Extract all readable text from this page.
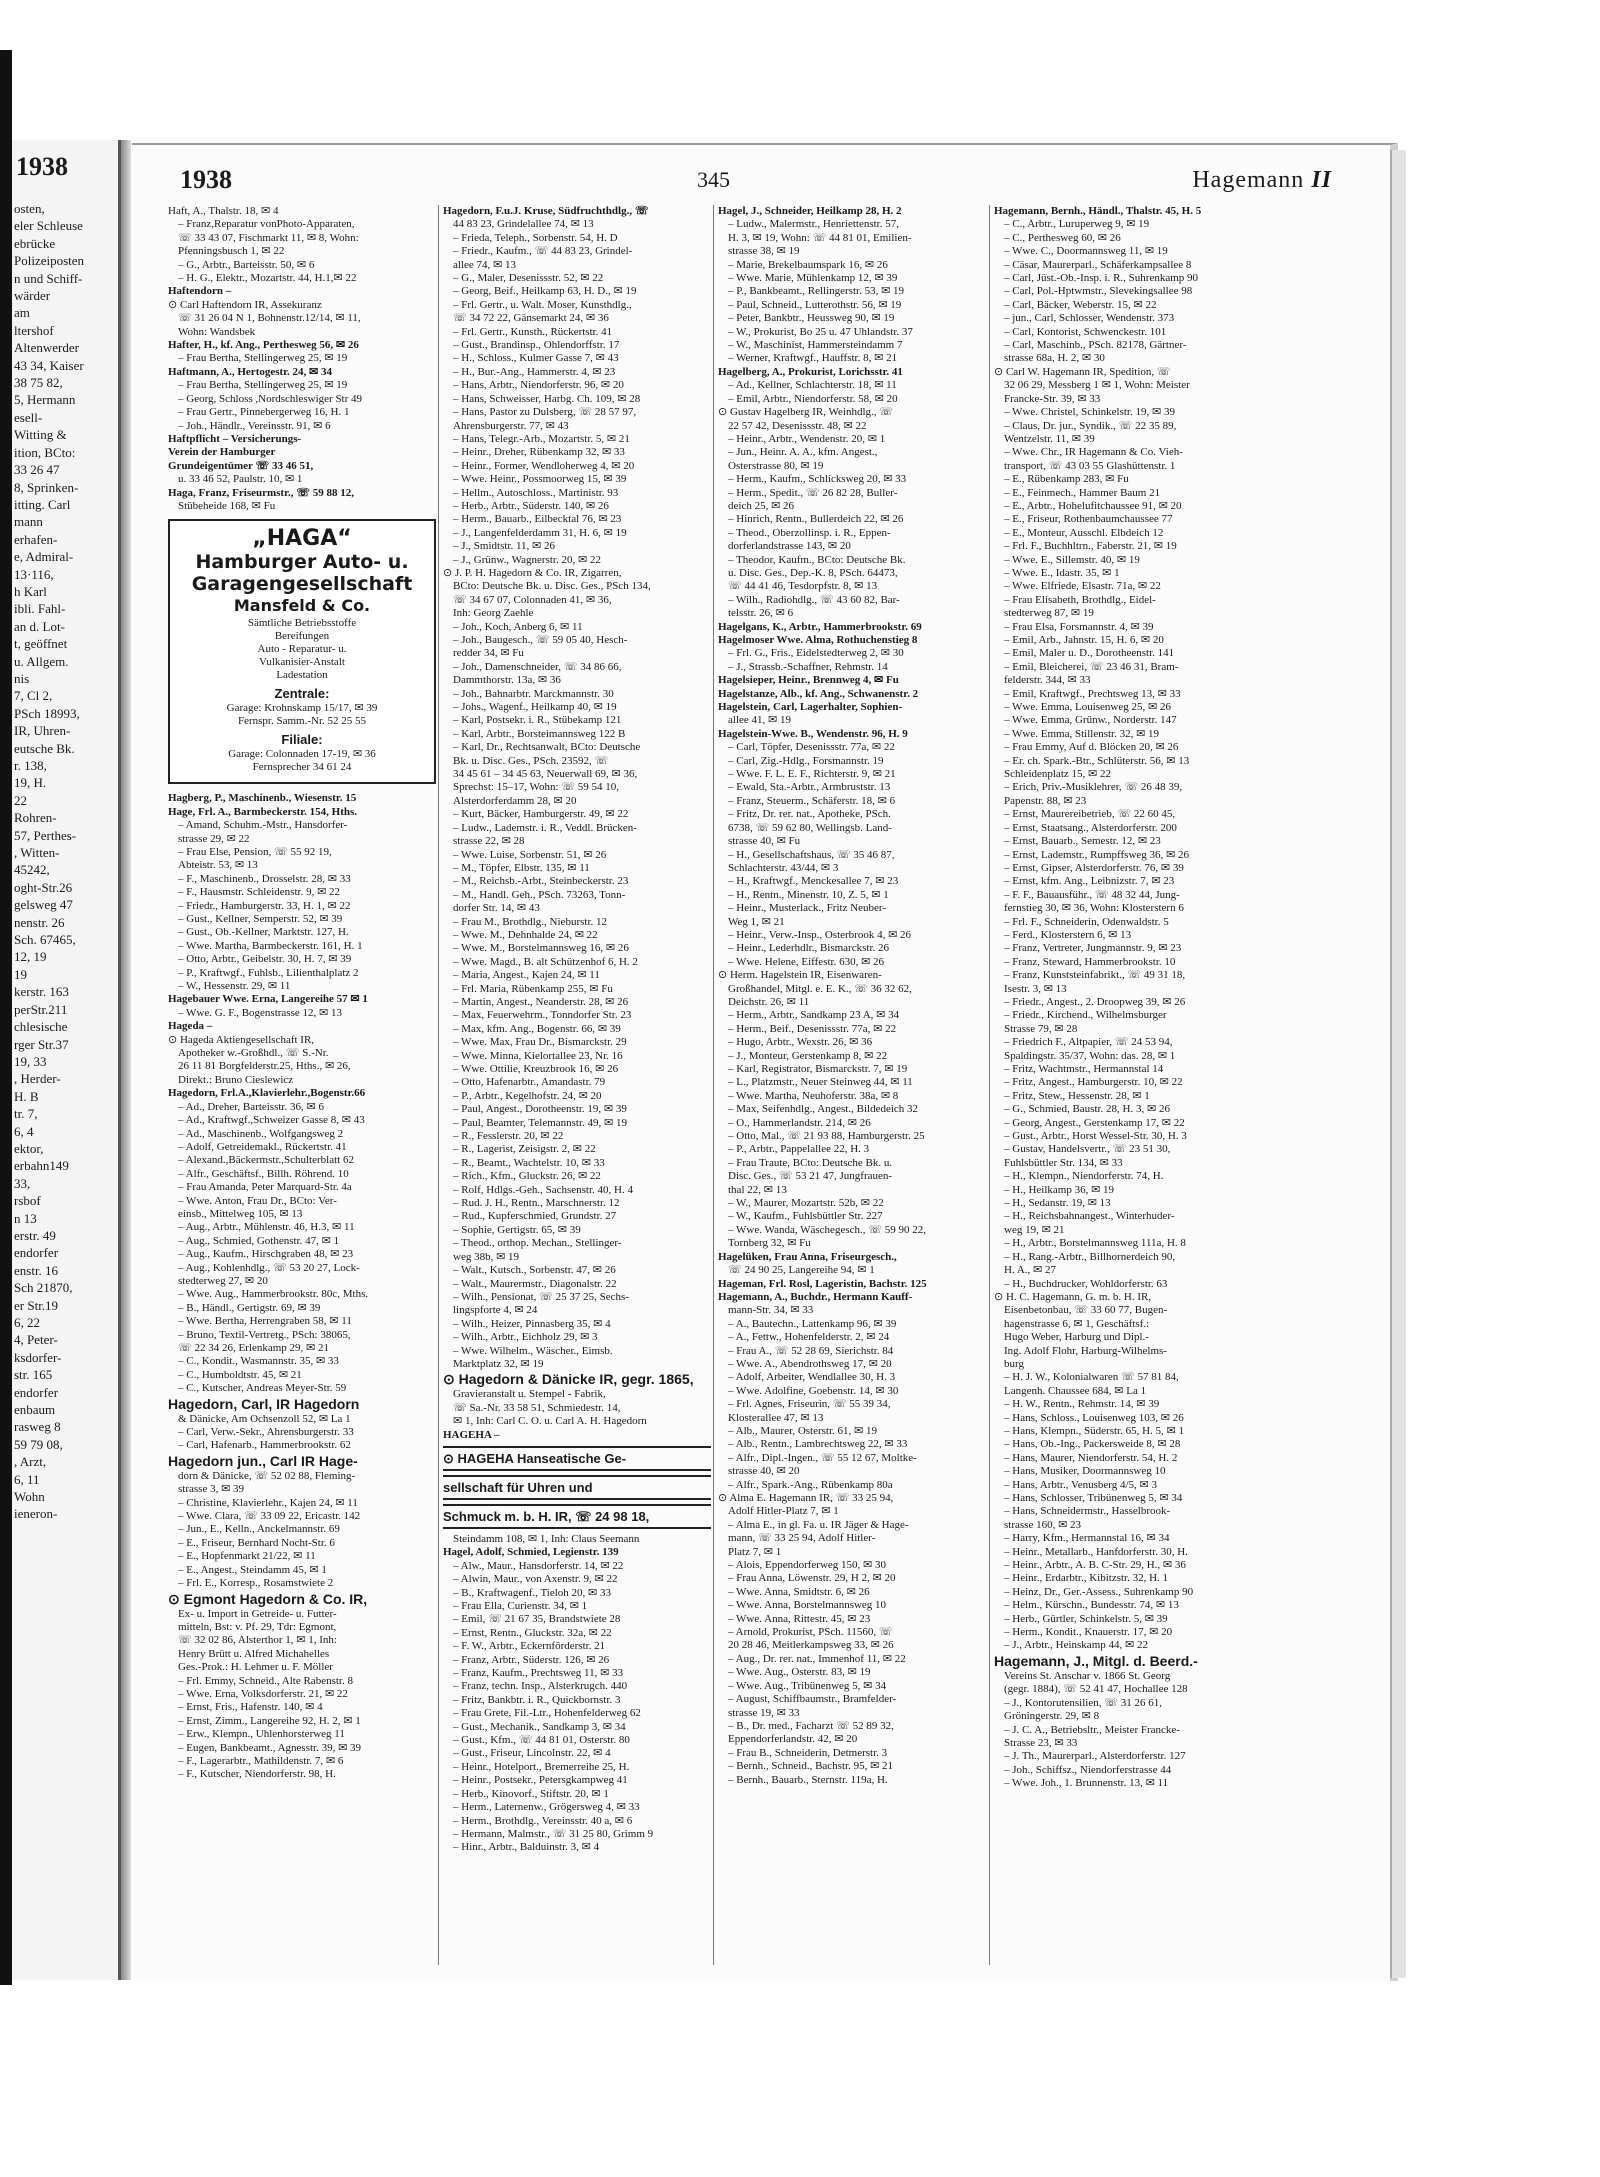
1938
osten,
eler Schleuse
ebrücke
Polizeiposten
n und Schiff-
wärder
am
ltershof
Altenwerder
43 34, Kaiser
38 75 82,
5, Hermann
esell-
Witting &
ition, BCto:
33 26 47
8, Sprinken-
itting. Carl
mann
erhafen-
e, Admiral-
13·116,
h Karl
ibli. Fahl-
an d. Lot-
t, geöffnet
u. Allgem.
nis
7, Cl 2,
PSch 18993,
IR, Uhren-
eutsche Bk.
r. 138,
19, H.
22
Rohren-
57, Perthes-
, Witten-
45242,
oght-Str.26
gelsweg 47
nenstr. 26
Sch. 67465,
12, 19
19
kerstr. 163
perStr.211
chlesische
rger Str.37
19, 33
, Herder-
H. B
tr. 7,
6, 4
ektor,
erbahn149
33,
rsbof
n 13
erstr. 49
endorfer
enstr. 16
Sch 21870,
er Str.19
6, 22
4, Peter-
ksdorfer-
str. 165
endorfer
enbaum
rasweg 8
59 79 08,
, Arzt,
6, 11
Wohn
ieneron-
1938	345	Hagemann II
Haft, A., Thalstr. 18, ✉ 4
– Franz,Reparatur vonPhoto-Apparaten,
☏ 33 43 07, Fischmarkt 11, ✉ 8, Wohn:
Pfenningsbusch 1, ✉ 22
– G., Arbtr., Barteisstr. 50, ✉ 6
– H. G., Elektr., Mozartstr. 44, H.1,✉ 22
Haftendorn –
⊙ Carl Haftendorn IR, Assekuranz
☏ 31 26 04 N 1, Bohnenstr.12/14, ✉ 11,
Wohn: Wandsbek
Hafter, H., kf. Ang., Perthesweg 56, ✉ 26
– Frau Bertha, Stellingerweg 25, ✉ 19
Haftmann, A., Hertogestr. 24, ✉ 34
– Frau Bertha, Stellingerweg 25, ✉ 19
– Georg, Schloss ,Nordschleswiger Str 49
– Frau Gertr., Pinnebergerweg 16, H. 1
– Joh., Händlr., Vereinsstr. 91, ✉ 6
Haftpflicht – Versicherungs-
Verein der Hamburger
Grundeigentümer ☏ 33 46 51,
u. 33 46 52, Paulstr. 10, ✉ 1
Haga, Franz, Friseurmstr., ☏ 59 88 12,
Stübeheide 168, ✉ Fu
„HAGA“
Hamburger Auto- u.
Garagengesellschaft
Mansfeld & Co.
Sämtliche Betriebsstoffe
Bereifungen
Auto - Reparatur- u.
Vulkanisier-Anstalt
Ladestation
Zentrale:
Garage: Krohnskamp 15/17, ✉ 39
Fernspr. Samm.-Nr. 52 25 55
Filiale:
Garage: Colonnaden 17-19, ✉ 36
Fernsprecher 34 61 24
Hagberg, P., Maschinenb., Wiesenstr. 15
Hage, Frl. A., Barmbeckerstr. 154, Hths.
– Amand, Schuhm.-Mstr., Hansdorfer-
strasse 29, ✉ 22
– Frau Else, Pension, ☏ 55 92 19,
Abteistr. 53, ✉ 13
– F., Maschinenb., Drosselstr. 28, ✉ 33
– F., Hausmstr. Schleidenstr. 9, ✉ 22
– Friedr., Hamburgerstr. 33, H. 1, ✉ 22
– Gust., Kellner, Semperstr. 52, ✉ 39
– Gust., Ob.-Kellner, Marktstr. 127, H.
– Wwe. Martha, Barmbeckerstr. 161, H. 1
– Otto, Arbtr., Geibelstr. 30, H. 7, ✉ 39
– P., Kraftwgf., Fuhlsb., Lilienthalplatz 2
– W., Hessenstr. 29, ✉ 11
Hagebauer Wwe. Erna, Langereihe 57 ✉ 1
– Wwe. G. F., Bogenstrasse 12, ✉ 13
Hageda –
⊙ Hageda Aktiengesellschaft IR,
Apotheker w.-Großhdl., ☏ S.-Nr.
26 11 81 Borgfelderstr.25, Hths., ✉ 26,
Direkt.: Bruno Cieslewicz
Hagedorn, Frl.A.,Klavierlehr.,Bogenstr.66
– Ad., Dreher, Barteisstr. 36, ✉ 6
– Ad., Kraftwgf.,Schweizer Gasse 8, ✉ 43
– Ad., Maschinenb., Wolfgangsweg 2
– Adolf, Getreidemakl., Rückertstr. 41
– Alexand.,Bäckermstr.,Schulterblatt 62
– Alfr., Geschäftsf., Billh. Röhrend. 10
– Frau Amanda, Peter Marquard-Str. 4a
– Wwe. Anton, Frau Dr., BCto: Ver-
einsb., Mittelweg 105, ✉ 13
– Aug., Arbtr., Mühlenstr. 46, H.3, ✉ 11
– Aug., Schmied, Gothenstr. 47, ✉ 1
– Aug., Kaufm., Hirschgraben 48, ✉ 23
– Aug., Kohlenhdlg., ☏ 53 20 27, Lock-
stedterweg 27, ✉ 20
– Wwe. Aug., Hammerbrookstr. 80c, Mths.
– B., Händl., Gertigstr. 69, ✉ 39
– Wwe. Bertha, Herrengraben 58, ✉ 11
– Bruno, Textil-Vertretg., PSch: 38065,
☏ 22 34 26, Erlenkamp 29, ✉ 21
– C., Kondit., Wasmannstr. 35, ✉ 33
– C., Humboldtstr. 45, ✉ 21
– C., Kutscher, Andreas Meyer-Str. 59
Hagedorn, Carl, IR Hagedorn
& Dänicke, Am Ochsenzoll 52, ✉ La 1
– Carl, Verw.-Sekr., Ahrensburgerstr. 33
– Carl, Hafenarb., Hammerbrookstr. 62
Hagedorn jun., Carl IR Hage-
dorn & Dänicke, ☏ 52 02 88, Fleming-
strasse 3, ✉ 39
– Christine, Klavierlehr., Kajen 24, ✉ 11
– Wwe. Clara, ☏ 33 09 22, Ericastr. 142
– Jun., E., Kelln., Anckelmannstr. 69
– E., Friseur, Bernhard Nocht-Str. 6
– E., Hopfenmarkt 21/22, ✉ 11
– E., Angest., Steindamm 45, ✉ 1
– Frl. E., Korresp., Rosamstwiete 2
⊙ Egmont Hagedorn & Co. IR,
Ex- u. Import in Getreide- u. Futter-
mitteln, Bst: v. Pf. 29, Tdr: Egmont,
☏ 32 02 86, Alsterthor 1, ✉ 1, Inh:
Henry Brütt u. Alfred Michahelles
Ges.-Prok.: H. Lehmer u. F. Möller
– Frl. Emmy, Schneid., Alte Rabenstr. 8
– Wwe. Erna, Volksdorferstr. 21, ✉ 22
– Ernst, Fris., Hafenstr. 140, ✉ 4
– Ernst, Zimm., Langereihe 92, H. 2, ✉ 1
– Erw., Klempn., Uhlenhorsterweg 11
– Eugen, Bankbeamt., Agnesstr. 39, ✉ 39
– F., Lagerarbtr., Mathildenstr. 7, ✉ 6
– F., Kutscher, Niendorferstr. 98, H.
Hagedorn, F.u.J. Kruse, Südfruchthdlg., ☏
44 83 23, Grindelallee 74, ✉ 13
– Frieda, Teleph., Sorbenstr. 54, H. D
– Friedr., Kaufm., ☏ 44 83 23, Grindel-
allee 74, ✉ 13
– G., Maler, Desenissstr. 52, ✉ 22
– Georg, Beif., Heilkamp 63, H. D., ✉ 19
– Frl. Gertr., u. Walt. Moser, Kunsthdlg.,
☏ 34 72 22, Gänsemarkt 24, ✉ 36
– Frl. Gertr., Kunsth., Rückertstr. 41
– Gust., Brandinsp., Ohlendorffstr. 17
– H., Schloss., Kulmer Gasse 7, ✉ 43
– H., Bur.-Ang., Hammerstr. 4, ✉ 23
– Hans, Arbtr., Niendorferstr. 96, ✉ 20
– Hans, Schweisser, Harbg. Ch. 109, ✉ 28
– Hans, Pastor zu Dulsberg, ☏ 28 57 97,
Ahrensburgerstr. 77, ✉ 43
– Hans, Telegr.-Arb., Mozartstr. 5, ✉ 21
– Heinr., Dreher, Rübenkamp 32, ✉ 33
– Heinr., Former, Wendloherweg 4, ✉ 20
– Wwe. Heinr., Possmoorweg 15, ✉ 39
– Hellm., Autoschloss., Martinistr. 93
– Herb., Arbtr., Süderstr. 140, ✉ 26
– Herm., Bauarb., Eilbecktal 76, ✉ 23
– J., Langenfelderdamm 31, H. 6, ✉ 19
– J., Smidtstr. 11, ✉ 26
– J., Grünw., Wagnerstr. 20, ✉ 22
⊙ J. P. H. Hagedorn & Co. IR, Zigarren,
BCto: Deutsche Bk. u. Disc. Ges., PSch 134,
☏ 34 67 07, Colonnaden 41, ✉ 36,
Inh: Georg Zaehle
– Joh., Koch, Anberg 6, ✉ 11
– Joh., Baugesch., ☏ 59 05 40, Hesch-
redder 34, ✉ Fu
– Joh., Damenschneider, ☏ 34 86 66,
Dammthorstr. 13a, ✉ 36
– Joh., Bahnarbtr. Marckmannstr. 30
– Johs., Wagenf., Heilkamp 40, ✉ 19
– Karl, Postsekr. i. R., Stübekamp 121
– Karl, Arbtr., Borsteimannsweg 122 B
– Karl, Dr., Rechtsanwalt, BCto: Deutsche
Bk. u. Disc. Ges., PSch. 23592, ☏
34 45 61 – 34 45 63, Neuerwall 69, ✉ 36,
Sprechst: 15–17, Wohn: ☏ 59 54 10,
Alsterdorferdamm 28, ✉ 20
– Kurt, Bäcker, Hamburgerstr. 49, ✉ 22
– Ludw., Lademstr. i. R., Veddl. Brücken-
strasse 22, ✉ 28
– Wwe. Luise, Sorbenstr. 51, ✉ 26
– M., Töpfer, Elbstr. 135, ✉ 11
– M., Reichsb.-Arbt., Steinbeckerstr. 23
– M., Handl. Geh., PSch. 73263, Tonn-
dorfer Str. 14, ✉ 43
– Frau M., Brothdlg., Nieburstr. 12
– Wwe. M., Dehnhalde 24, ✉ 22
– Wwe. M., Borstelmannsweg 16, ✉ 26
– Wwe. Magd., B. alt Schützenhof 6, H. 2
– Maria, Angest., Kajen 24, ✉ 11
– Frl. Maria, Rübenkamp 255, ✉ Fu
– Martin, Angest., Neanderstr. 28, ✉ 26
– Max, Feuerwehrm., Tonndorfer Str. 23
– Max, kfm. Ang., Bogenstr. 66, ✉ 39
– Wwe. Max, Frau Dr., Bismarckstr. 29
– Wwe. Minna, Kielortallee 23, Nr. 16
– Wwe. Ottilie, Kreuzbrook 16, ✉ 26
– Otto, Hafenarbtr., Amandastr. 79
– P., Arbtr., Kegelhofstr. 24, ✉ 20
– Paul, Angest., Dorotheenstr. 19, ✉ 39
– Paul, Beamter, Telemannstr. 49, ✉ 19
– R., Fesslerstr. 20, ✉ 22
– R., Lagerist, Zeisigstr. 2, ✉ 22
– R., Beamt., Wachtelstr. 10, ✉ 33
– Rich., Kfm., Gluckstr. 26, ✉ 22
– Rolf, Hdlgs.-Geh., Sachsenstr. 40, H. 4
– Rud. J. H., Rentn., Marschnerstr. 12
– Rud., Kupferschmied, Grundstr. 27
– Sophie, Gertigstr. 65, ✉ 39
– Theod., orthop. Mechan., Stellinger-
weg 38b, ✉ 19
– Walt., Kutsch., Sorbenstr. 47, ✉ 26
– Walt., Maurermstr., Diagonalstr. 22
– Wilh., Pensionat, ☏ 25 37 25, Sechs-
lingspforte 4, ✉ 24
– Wilh., Heizer, Pinnasberg 35, ✉ 4
– Wilh., Arbtr., Eichholz 29, ✉ 3
– Wwe. Wilhelm., Wäscher., Eimsb.
Marktplatz 32, ✉ 19
⊙ Hagedorn & Dänicke IR, gegr. 1865,
Gravieranstalt u. Stempel - Fabrik,
☏ Sa.-Nr. 33 58 51, Schmiedestr. 14,
✉ 1, Inh: Carl C. O. u. Carl A. H. Hagedorn
HAGEHA –
⊙ HAGEHA Hanseatische Ge-
sellschaft für Uhren und
Schmuck m. b. H. IR, ☏ 24 98 18,
Steindamm 108, ✉ 1, Inh: Claus Seemann
Hagel, Adolf, Schmied, Legienstr. 139
– Alw., Maur., Hansdorferstr. 14, ✉ 22
– Alwin, Maur., von Axenstr. 9, ✉ 22
– B., Kraftwagenf., Tieloh 20, ✉ 33
– Frau Ella, Curienstr. 34, ✉ 1
– Emil, ☏ 21 67 35, Brandstwiete 28
– Ernst, Rentn., Gluckstr. 32a, ✉ 22
– F. W., Arbtr., Eckernförderstr. 21
– Franz, Arbtr., Süderstr. 126, ✉ 26
– Franz, Kaufm., Prechtsweg 11, ✉ 33
– Franz, techn. Insp., Alsterkrugch. 440
– Fritz, Bankbtr. i. R., Quickbornstr. 3
– Frau Grete, Fil.-Ltr., Hohenfelderweg 62
– Gust., Mechanik., Sandkamp 3, ✉ 34
– Gust., Kfm., ☏ 44 81 01, Osterstr. 80
– Gust., Friseur, Lincolnstr. 22, ✉ 4
– Heinr., Hotelport., Bremerreihe 25, H.
– Heinr., Postsekr., Petersgkampweg 41
– Herb., Kinovorf., Stiftstr. 20, ✉ 1
– Herm., Laternenw., Grögersweg 4, ✉ 33
– Herm., Brothdlg., Vereinsstr. 40 a, ✉ 6
– Hermann, Malmstr., ☏ 31 25 80, Grimm 9
– Hinr., Arbtr., Balduinstr. 3, ✉ 4
Hagel, J., Schneider, Heilkamp 28, H. 2
– Ludw., Malermstr., Henriettenstr. 57,
H. 3, ✉ 19, Wohn: ☏ 44 81 01, Emilien-
strasse 38, ✉ 19
– Marie, Brekelbaumspark 16, ✉ 26
– Wwe. Marie, Mühlenkamp 12, ✉ 39
– P., Bankbeamt., Rellingerstr. 53, ✉ 19
– Paul, Schneid., Lutterothstr. 56, ✉ 19
– Peter, Bankbtr., Heussweg 90, ✉ 19
– W., Prokurist, Bo 25 u. 47 Uhlandstr. 37
– W., Maschinist, Hammersteindamm 7
– Werner, Kraftwgf., Hauffstr. 8, ✉ 21
Hagelberg, A., Prokurist, Lorichsstr. 41
– Ad., Kellner, Schlachterstr. 18, ✉ 11
– Emil, Arbtr., Niendorferstr. 58, ✉ 20
⊙ Gustav Hagelberg IR, Weinhdlg., ☏
22 57 42, Desenissstr. 48, ✉ 22
– Heinr., Arbtr., Wendenstr. 20, ✉ 1
– Jun., Heinr. A. A., kfm. Angest.,
Osterstrasse 80, ✉ 19
– Herm., Kaufm., Schlicksweg 20, ✉ 33
– Herm., Spedit., ☏ 26 82 28, Buller-
deich 25, ✉ 26
– Hinrich, Rentn., Bullerdeich 22, ✉ 26
– Theod., Oberzollinsp. i. R., Eppen-
dorferlandstrasse 143, ✉ 20
– Theodor, Kaufm., BCto: Deutsche Bk.
u. Disc. Ges., Dep.-K. 8, PSch. 64473,
☏ 44 41 46, Tesdorpfstr. 8, ✉ 13
– Wilh., Radiohdlg., ☏ 43 60 82, Bar-
telsstr. 26, ✉ 6
Hagelgans, K., Arbtr., Hammerbrookstr. 69
Hagelmoser Wwe. Alma, Rothuchenstieg 8
– Frl. G., Fris., Eidelstedterweg 2, ✉ 30
– J., Strassb.-Schaffner, Rehmstr. 14
Hagelsieper, Heinr., Brennweg 4, ✉ Fu
Hagelstanze, Alb., kf. Ang., Schwanenstr. 2
Hagelstein, Carl, Lagerhalter, Sophien-
allee 41, ✉ 19
Hagelstein-Wwe. B., Wendenstr. 96, H. 9
– Carl, Töpfer, Desenissstr. 77a, ✉ 22
– Carl, Zig.-Hdlg., Forsmannstr. 19
– Wwe. F. L. E. F., Richterstr. 9, ✉ 21
– Ewald, Sta.-Arbtr., Armbruststr. 13
– Franz, Steuerm., Schäferstr. 18, ✉ 6
– Fritz, Dr. rer. nat., Apotheke, PSch.
6738, ☏ 59 62 80, Wellingsb. Land-
strasse 40, ✉ Fu
– H., Gesellschaftshaus, ☏ 35 46 87,
Schlachterstr. 43/44, ✉ 3
– H., Kraftwgf., Menckesallee 7, ✉ 23
– H., Rentn., Minenstr. 10, Z. 5, ✉ 1
– Heinr., Musterlack., Fritz Neuber-
Weg 1, ✉ 21
– Heinr., Verw.-Insp., Osterbrook 4, ✉ 26
– Heinr., Lederhdlr., Bismarckstr. 26
– Wwe. Helene, Eiffestr. 630, ✉ 26
⊙ Herm. Hagelstein IR, Eisenwaren-
Großhandel, Mitgl. e. E. K., ☏ 36 32 62,
Deichstr. 26, ✉ 11
– Herm., Arbtr., Sandkamp 23 A, ✉ 34
– Herm., Beif., Desenissstr. 77a, ✉ 22
– Hugo, Arbtr., Wexstr. 26, ✉ 36
– J., Monteur, Gerstenkamp 8, ✉ 22
– Karl, Registrator, Bismarckstr. 7, ✉ 19
– L., Platzmstr., Neuer Steinweg 44, ✉ 11
– Wwe. Martha, Neuhoferstr. 38a, ✉ 8
– Max, Seifenhdlg., Angest., Bildedeich 32
– O., Hammerlandstr. 214, ✉ 26
– Otto, Mal., ☏ 21 93 88, Hamburgerstr. 25
– P., Arbtr., Pappelallee 22, H. 3
– Frau Traute, BCto: Deutsche Bk. u.
Disc. Ges., ☏ 53 21 47, Jungfrauen-
thal 22, ✉ 13
– W., Maurer, Mozartstr. 52b, ✉ 22
– W., Kaufm., Fuhlsbüttler Str. 227
– Wwe. Wanda, Wäschegesch., ☏ 59 90 22,
Tornberg 32, ✉ Fu
Hagelüken, Frau Anna, Friseurgesch.,
☏ 24 90 25, Langereihe 94, ✉ 1
Hageman, Frl. Rosl, Lageristin, Bachstr. 125
Hagemann, A., Buchdr., Hermann Kauff-
mann-Str. 34, ✉ 33
– A., Bautechn., Lattenkamp 96, ✉ 39
– A., Fettw., Hohenfelderstr. 2, ✉ 24
– Frau A., ☏ 52 28 69, Sierichstr. 84
– Wwe. A., Abendrothsweg 17, ✉ 20
– Adolf, Arbeiter, Wendlallee 30, H. 3
– Wwe. Adolfine, Goebenstr. 14, ✉ 30
– Frl. Agnes, Friseurin, ☏ 55 39 34,
Klosterallee 47, ✉ 13
– Alb., Maurer, Osterstr. 61, ✉ 19
– Alb., Rentn., Lambrechtsweg 22, ✉ 33
– Alfr., Dipl.-Ingen., ☏ 55 12 67, Moltke-
strasse 40, ✉ 20
– Alfr., Spark.-Ang., Rübenkamp 80a
⊙ Alma E. Hagemann IR, ☏ 33 25 94,
Adolf Hitler-Platz 7, ✉ 1
– Alma E., in gl. Fa. u. IR Jäger & Hage-
mann, ☏ 33 25 94, Adolf Hitler-
Platz 7, ✉ 1
– Alois, Eppendorferweg 150, ✉ 30
– Frau Anna, Löwenstr. 29, H 2, ✉ 20
– Wwe. Anna, Smidtstr. 6, ✉ 26
– Wwe. Anna, Borstelmannsweg 10
– Wwe. Anna, Rittestr. 45, ✉ 23
– Arnold, Prokurist, PSch. 11560, ☏
20 28 46, Meitlerkampsweg 33, ✉ 26
– Aug., Dr. rer. nat., Immenhof 11, ✉ 22
– Wwe. Aug., Osterstr. 83, ✉ 19
– Wwe. Aug., Tribünenweg 5, ✉ 34
– August, Schiffbaumstr., Bramfelder-
strasse 19, ✉ 33
– B., Dr. med., Facharzt ☏ 52 89 32,
Eppendorferlandstr. 42, ✉ 20
– Frau B., Schneiderin, Detmerstr. 3
– Bernh., Schneid., Bachstr. 95, ✉ 21
– Bernh., Bauarb., Sternstr. 119a, H.
Hagemann, Bernh., Händl., Thalstr. 45, H. 5
– C., Arbtr., Luruperweg 9, ✉ 19
– C., Perthesweg 60, ✉ 26
– Wwe. C., Doormannsweg 11, ✉ 19
– Cäsar, Maurerparl., Schäferkampsallee 8
– Carl, Jüst.-Ob.-Insp. i. R., Suhrenkamp 90
– Carl, Pol.-Hptwmstr., Slevekingsallee 98
– Carl, Bäcker, Weberstr. 15, ✉ 22
– jun., Carl, Schlosser, Wendenstr. 373
– Carl, Kontorist, Schwenckestr. 101
– Carl, Maschinb., PSch. 82178, Gärtner-
strasse 68a, H. 2, ✉ 30
⊙ Carl W. Hagemann IR, Spedition, ☏
32 06 29, Messberg 1 ✉ 1, Wohn: Meister
Francke-Str. 39, ✉ 33
– Wwe. Christel, Schinkelstr. 19, ✉ 39
– Claus, Dr. jur., Syndik., ☏ 22 35 89,
Wentzelstr. 11, ✉ 39
– Wwe. Chr., IR Hagemann & Co. Vieh-
transport, ☏ 43 03 55 Glashüttenstr. 1
– E., Rübenkamp 283, ✉ Fu
– E., Feinmech., Hammer Baum 21
– E., Arbtr., Hohelufitchaussee 91, ✉ 20
– E., Friseur, Rothenbaumchaussee 77
– E., Monteur, Ausschl. Elbdeich 12
– Frl. F., Buchhltrn., Faberstr. 21, ✉ 19
– Wwe. E., Sillemstr. 40, ✉ 19
– Wwe. E., Idastr. 35, ✉ 1
– Wwe. Elfriede, Elsastr. 71a, ✉ 22
– Frau Elisabeth, Brothdlg., Eidel-
stedterweg 87, ✉ 19
– Frau Elsa, Forsmannstr. 4, ✉ 39
– Emil, Arb., Jahnstr. 15, H. 6, ✉ 20
– Emil, Maler u. D., Dorotheenstr. 141
– Emil, Bleicherei, ☏ 23 46 31, Bram-
felderstr. 344, ✉ 33
– Emil, Kraftwgf., Prechtsweg 13, ✉ 33
– Wwe. Emma, Louisenweg 25, ✉ 26
– Wwe. Emma, Grünw., Norderstr. 147
– Wwe. Emma, Stillenstr. 32, ✉ 19
– Frau Emmy, Auf d. Blöcken 20, ✉ 26
– Er. ch. Spark.-Btr., Schlüterstr. 56, ✉ 13
Schleidenplatz 15, ✉ 22
– Erich, Priv.-Musiklehrer, ☏ 26 48 39,
Papenstr. 88, ✉ 23
– Ernst, Maurereibetrieb, ☏ 22 60 45,
– Ernst, Staatsang., Alsterdorferstr. 200
– Ernst, Bauarb., Semestr. 12, ✉ 23
– Ernst, Lademstr., Rumpffsweg 36, ✉ 26
– Ernst, Gipser, Alsterdorferstr. 76, ✉ 39
– Ernst, kfm. Ang., Leibnizstr. 7, ✉ 23
– F. F., Bauausführ., ☏ 48 32 44, Jung-
fernstieg 30, ✉ 36, Wohn: Klosterstern 6
– Frl. F., Schneiderin, Odenwaldstr. 5
– Ferd., Klosterstern 6, ✉ 13
– Franz, Vertreter, Jungmannstr. 9, ✉ 23
– Franz, Steward, Hammerbrookstr. 10
– Franz, Kunststeinfabrikt., ☏ 49 31 18,
Isestr. 3, ✉ 13
– Friedr., Angest., 2. Droopweg 39, ✉ 26
– Friedr., Kirchend., Wilhelmsburger
Strasse 79, ✉ 28
– Friedrich F., Altpapier, ☏ 24 53 94,
Spaldingstr. 35/37, Wohn: das. 28, ✉ 1
– Fritz, Wachtmstr., Hermannstal 14
– Fritz, Angest., Hamburgerstr. 10, ✉ 22
– Fritz, Stew., Hessenstr. 28, ✉ 1
– G., Schmied, Baustr. 28, H. 3, ✉ 26
– Georg, Angest., Gerstenkamp 17, ✉ 22
– Gust., Arbtr., Horst Wessel-Str. 30, H. 3
– Gustav, Handelsvertr., ☏ 23 51 30,
Fuhlsbüttler Str. 134, ✉ 33
– H., Klempn., Niendorferstr. 74, H.
– H., Heilkamp 36, ✉ 19
– H., Sedanstr. 19, ✉ 13
– H., Reichsbahnangest., Winterhuder-
weg 19, ✉ 21
– H., Arbtr., Borstelmannsweg 111a, H. 8
– H., Rang.-Arbtr., Billhornerdeich 90,
H. A., ✉ 27
– H., Buchdrucker, Wohldorferstr. 63
⊙ H. C. Hagemann, G. m. b. H. IR,
Eisenbetonbau, ☏ 33 60 77, Bugen-
hagenstrasse 6, ✉ 1, Geschäftsf.:
Hugo Weber, Harburg und Dipl.-
Ing. Adolf Flohr, Harburg-Wilhelms-
burg
– H. J. W., Kolonialwaren ☏ 57 81 84,
Langenh. Chaussee 684, ✉ La 1
– H. W., Rentn., Rehmstr. 14, ✉ 39
– Hans, Schloss., Louisenweg 103, ✉ 26
– Hans, Klempn., Süderstr. 65, H. 5, ✉ 1
– Hans, Ob.-Ing., Packersweide 8, ✉ 28
– Hans, Maurer, Niendorferstr. 54, H. 2
– Hans, Musiker, Doormannsweg 10
– Hans, Arbtr., Venusberg 4/5, ✉ 3
– Hans, Schlosser, Tribünenweg 5, ✉ 34
– Hans, Schneidermstr., Hasselbrook-
strasse 160, ✉ 23
– Harry, Kfm., Hermannstal 16, ✉ 34
– Heinr., Metallarb., Hanfdorferstr. 30, H.
– Heinr., Arbtr., A. B. C-Str. 29, H., ✉ 36
– Heinr., Erdarbtr., Kibitzstr. 32, H. 1
– Heinz, Dr., Ger.-Assess., Suhrenkamp 90
– Helm., Kürschn., Bundesstr. 74, ✉ 13
– Herb., Gürtler, Schinkelstr. 5, ✉ 39
– Herm., Kondit., Knauerstr. 17, ✉ 20
– J., Arbtr., Heinskamp 44, ✉ 22
Hagemann, J., Mitgl. d. Beerd.-
Vereins St. Anschar v. 1866 St. Georg
(gegr. 1884), ☏ 52 41 47, Hochallee 128
– J., Kontorutensilien, ☏ 31 26 61,
Gröningerstr. 29, ✉ 8
– J. C. A., Betriebsltr., Meister Francke-
Strasse 23, ✉ 33
– J. Th., Maurerparl., Alsterdorferstr. 127
– Joh., Schiffsz., Niendorferstrasse 44
– Wwe. Joh., 1. Brunnenstr. 13, ✉ 11
